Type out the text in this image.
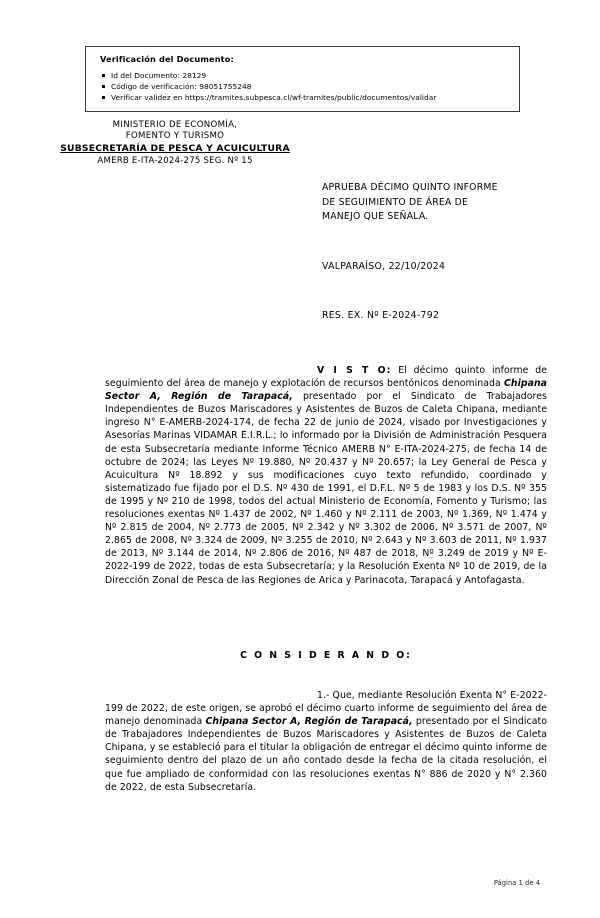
Verificación del Documento:
Id del Documento: 28129
Código de verificación: 98051755248
Verificar validez en https://tramites.subpesca.cl/wf-tramites/public/documentos/validar
MINISTERIO DE ECONOMÍA,
FOMENTO Y TURISMO
SUBSECRETARÍA DE PESCA Y ACUICULTURA
AMERB E-ITA-2024-275 SEG. Nº 15
APRUEBA DÉCIMO QUINTO INFORME
DE SEGUIMIENTO DE ÁREA DE
MANEJO QUE SEÑALA.
VALPARAÍSO, 22/10/2024
RES. EX. Nº E-2024-792

V I S T O: El décimo quinto informe de seguimiento del área de manejo y explotación de recursos bentónicos denominada Chipana Sector A, Región de Tarapacá, presentado por el Sindicato de Trabajadores Independientes de Buzos Mariscadores y Asistentes de Buzos de Caleta Chipana, mediante ingreso N° E-AMERB-2024-174, de fecha 22 de junio de 2024, visado por Investigaciones y Asesorías Marinas VIDAMAR E.I.R.L.; lo informado por la División de Administración Pesquera de esta Subsecretaría mediante Informe Técnico AMERB N° E-ITA-2024-275, de fecha 14 de octubre de 2024; las Leyes Nº 19.880, Nº 20.437 y Nº 20.657; la Ley General de Pesca y Acuicultura Nº 18.892 y sus modificaciones cuyo texto refundido, coordinado y sistematizado fue fijado por el D.S. Nº 430 de 1991, el D.F.L. Nº 5 de 1983 y los D.S. Nº 355 de 1995 y Nº 210 de 1998, todos del actual Ministerio de Economía, Fomento y Turismo; las resoluciones exentas Nº 1.437 de 2002, Nº 1.460 y Nº 2.111 de 2003, Nº 1.369, Nº 1.474 y Nº 2.815 de 2004, Nº 2.773 de 2005, Nº 2.342 y Nº 3.302 de 2006, Nº 3.571 de 2007, Nº 2.865 de 2008, Nº 3.324 de 2009, Nº 3.255 de 2010, Nº 2.643 y Nº 3.603 de 2011, Nº 1.937 de 2013, Nº 3.144 de 2014, Nº 2.806 de 2016, Nº 487 de 2018, Nº 3.249 de 2019 y Nº E-2022-199 de 2022, todas de esta Subsecretaría; y la Resolución Exenta Nº 10 de 2019, de la Dirección Zonal de Pesca de las Regiones de Arica y Parinacota, Tarapacá y Antofagasta.

C O N S I D E R A N D O:

1.- Que, mediante Resolución Exenta N° E-2022-199 de 2022, de este origen, se aprobó el décimo cuarto informe de seguimiento del área de manejo denominada Chipana Sector A, Región de Tarapacá, presentado por el Sindicato de Trabajadores Independientes de Buzos Mariscadores y Asistentes de Buzos de Caleta Chipana, y se estableció para el titular la obligación de entregar el décimo quinto informe de seguimiento dentro del plazo de un año contado desde la fecha de la citada resolución, el que fue ampliado de conformidad con las resoluciones exentas N° 886 de 2020 y N° 2.360 de 2022, de esta Subsecretaría.

Página 1 de 4
